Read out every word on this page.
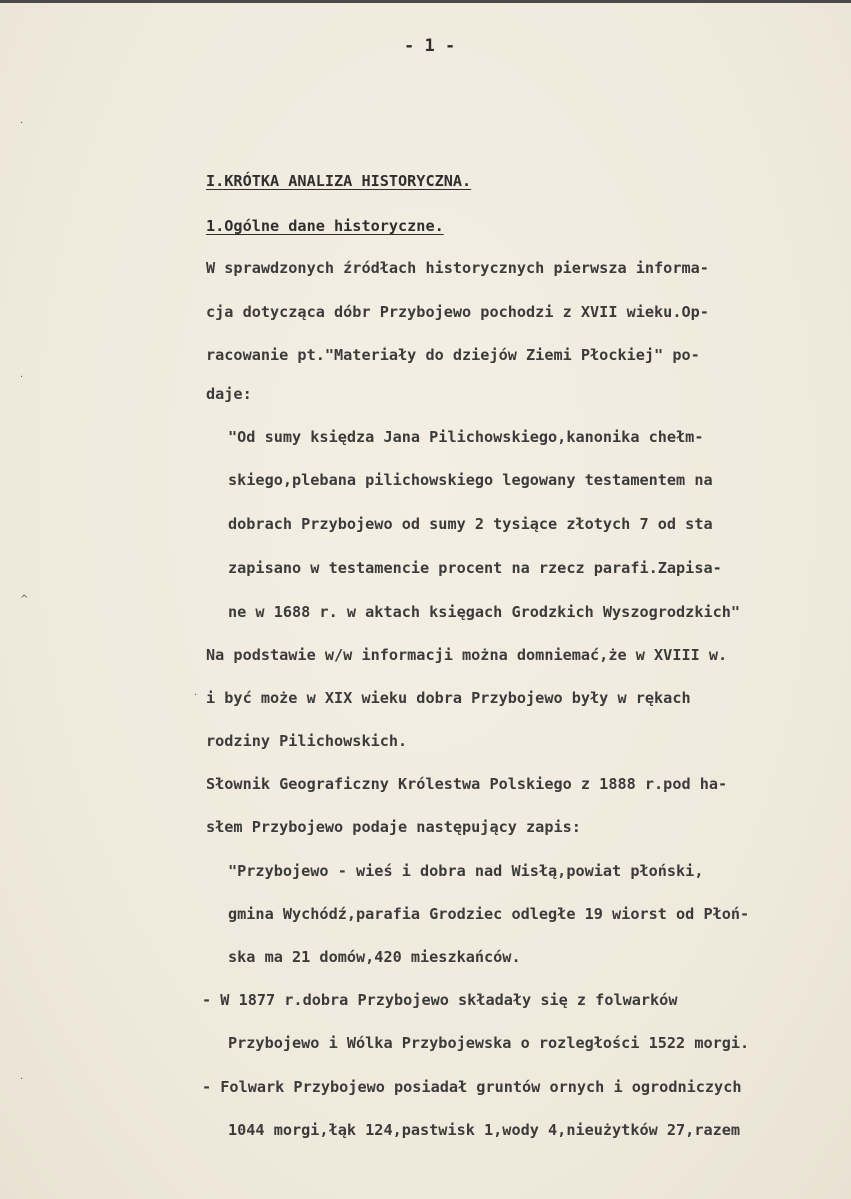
- 1 -
I.KRÓTKA ANALIZA HISTORYCZNA.
1.Ogólne dane historyczne.
W sprawdzonych źródłach historycznych pierwsza informa-
cja dotycząca dóbr Przybojewo pochodzi z XVII wieku.Op-
racowanie pt."Materiały do dziejów Ziemi Płockiej" po-
daje:
"Od sumy księdza Jana Pilichowskiego,kanonika chełm-
skiego,plebana pilichowskiego legowany testamentem na
dobrach Przybojewo od sumy 2 tysiące złotych 7 od sta
zapisano w testamencie procent na rzecz parafi.Zapisa-
ne w 1688 r. w aktach księgach Grodzkich Wyszogrodzkich"
Na podstawie w/w informacji można domniemać,że w XVIII w.
i być może w XIX wieku dobra Przybojewo były w rękach
rodziny Pilichowskich.
Słownik Geograficzny Królestwa Polskiego z 1888 r.pod ha-
słem Przybojewo podaje następujący zapis:
"Przybojewo - wieś i dobra nad Wisłą,powiat płoński,
gmina Wychódź,parafia Grodziec odległe 19 wiorst od Płoń-
ska ma 21 domów,420 mieszkańców.
- W 1877 r.dobra Przybojewo składały się z folwarków
Przybojewo i Wólka Przybojewska o rozległości 1522 morgi.
- Folwark Przybojewo posiadał gruntów ornych i ogrodniczych
1044 morgi,łąk 124,pastwisk 1,wody 4,nieużytków 27,razem
·
·
^
·
·
